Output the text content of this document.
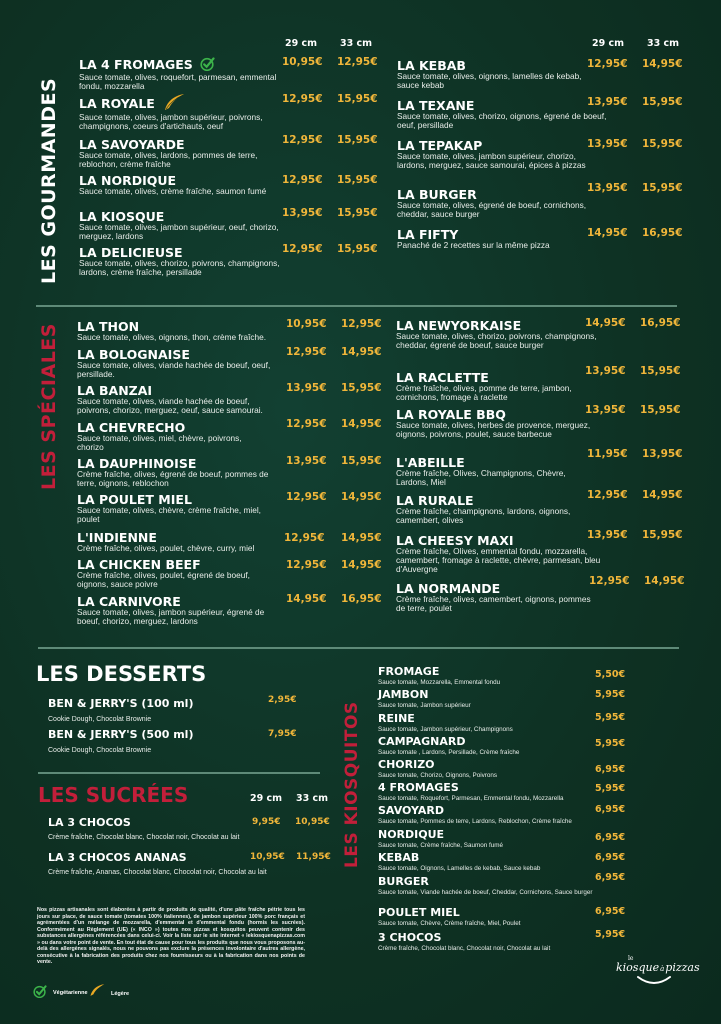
LES GOURMANDES
29 cm 33 cm	29 cm 33 cm
LA 4 FROMAGES
Sauce tomate, olives, roquefort, parmesan, emmental fondu, mozzarella
10,95€ 12,95€
LA ROYALE
Sauce tomate, olives, jambon supérieur, poivrons, champignons, coeurs d'artichauts, oeuf
12,95€ 15,95€
LA SAVOYARDE
Sauce tomate, olives, lardons, pommes de terre, reblochon, crème fraîche
12,95€ 15,95€
LA NORDIQUE
Sauce tomate, olives, crème fraîche, saumon fumé
12,95€ 15,95€
LA KIOSQUE
Sauce tomate, olives, jambon supérieur, oeuf, chorizo, merguez, lardons
13,95€ 15,95€
LA DELICIEUSE
Sauce tomate, olives, chorizo, poivrons, champignons, lardons, crème fraîche, persillade
12,95€ 15,95€
LA KEBAB
Sauce tomate, olives, oignons, lamelles de kebab, sauce kebab
12,95€ 14,95€
LA TEXANE
Sauce tomate, olives, chorizo, oignons, égrené de boeuf, oeuf, persillade
13,95€ 15,95€
LA TEPAKAP
Sauce tomate, olives, jambon supérieur, chorizo, lardons, merguez, sauce samourai, épices à pizzas
13,95€ 15,95€
LA BURGER
Sauce tomate, olives, égrené de boeuf, cornichons, cheddar, sauce burger
13,95€ 15,95€
LA FIFTY
Panaché de 2 recettes sur la même pizza
14,95€ 16,95€
LES SPÉCIALES LA THON
Sauce tomate, olives, oignons, thon, crème fraîche.
10,95€ 12,95€
LA BOLOGNAISE
Sauce tomate, olives, viande hachée de boeuf, oeuf, persillade.
12,95€ 14,95€
LA BANZAI
Sauce tomate, olives, viande hachée de boeuf, poivrons, chorizo, merguez, oeuf, sauce samourai.
13,95€ 15,95€
LA CHEVRECHO
Sauce tomate, olives, miel, chèvre, poivrons, chorizo
12,95€ 14,95€
LA DAUPHINOISE
Crème fraîche, olives, égrené de boeuf, pommes de terre, oignons, reblochon
13,95€ 15,95€
LA POULET MIEL
Sauce tomate, olives, chèvre, crème fraîche, miel, poulet
12,95€ 14,95€
L'INDIENNE
Crème fraîche, olives, poulet, chèvre, curry, miel
12,95€ 14,95€
LA CHICKEN BEEF
Crème fraîche, olives, poulet, égrené de boeuf, oignons, sauce poivre
12,95€ 14,95€
LA CARNIVORE
Sauce tomate, olives, jambon supérieur, égrené de boeuf, chorizo, merguez, lardons
14,95€ 16,95€
LA NEWYORKAISE
Sauce tomate, olives, chorizo, poivrons, champignons, cheddar, égrené de boeuf, sauce burger
14,95€ 16,95€
LA RACLETTE
Crème fraîche, olives, pomme de terre, jambon, cornichons, fromage à raclette
13,95€ 15,95€
LA ROYALE BBQ
Sauce tomate, olives, herbes de provence, merguez, oignons, poivrons, poulet, sauce barbecue
13,95€ 15,95€
L'ABEILLE
Crème fraîche, Olives, Champignons, Chèvre, Lardons, Miel
11,95€ 13,95€
LA RURALE
Crème fraîche, champignons, lardons, oignons, camembert, olives
12,95€ 14,95€
LA CHEESY MAXI
Crème fraîche, Olives, emmental fondu, mozzarella, camembert, fromage à raclette, chèvre, parmesan, bleu d'Auvergne
13,95€ 15,95€
LA NORMANDE
Crème fraîche, olives, camembert, oignons, pommes de terre, poulet
12,95€ 14,95€
LES DESSERTS
BEN & JERRY'S (100 ml)
Cookie Dough, Chocolat Brownie
2,95€
BEN & JERRY'S (500 ml)
Cookie Dough, Chocolat Brownie
7,95€
LES SUCRÉES	29 cm 33 cm
LA 3 CHOCOS
Crème fraîche, Chocolat blanc, Chocolat noir, Chocolat au lait
9,95€ 10,95€
LA 3 CHOCOS ANANAS
Crème fraîche, Ananas, Chocolat blanc, Chocolat noir, Chocolat au lait
10,95€ 11,95€
Nos pizzas artisanales sont élaborées à partir de produits de qualité, d'une pâte fraîche pétrie tous les jours sur place, de sauce tomate (tomates 100% italiennes), de jambon supérieur 100% porc français et agrémentées d'un mélange de mozzarella, d'emmental et d'emmental fondu (hormis les sucrées). Conformément au Règlement (UE) (« INCO ») toutes nos pizzas et kosquitos peuvent contenir des substances allergènes référencées dans celui-ci. Voir la liste sur le site internet « lekiosquenapizzas.com » ou dans votre point de vente. En tout état de cause pour tous les produits que nous vous proposons au-delà des allergènes signalés, nous ne pouvons pas exclure la présences involontaire d'autres allergène, consécutive à la fabrication des produits chez nos fournisseurs ou à la fabrication dans nos points de vente.
Végétarienne	Légère
LES KIOSQUITOS
FROMAGE
Sauce tomate, Mozzarella, Emmental fondu
5,50€
JAMBON
Sauce tomate, Jambon supérieur
5,95€
REINE
Sauce tomate, Jambon supérieur, Champignons
5,95€
CAMPAGNARD
Sauce tomate , Lardons, Persillade, Crème fraîche
5,95€
CHORIZO
Sauce tomate, Chorizo, Oignons, Poivrons
6,95€
4 FROMAGES
Sauce tomate, Roquefort, Parmesan, Emmental fondu, Mozzarella
5,95€
SAVOYARD
Sauce tomate, Pommes de terre, Lardons, Reblochon, Crème fraîche
6,95€
NORDIQUE
Sauce tomate, Crème fraîche, Saumon fumé
6,95€
KEBAB
Sauce tomate, Oignons, Lamelles de kebab, Sauce kebab
6,95€
BURGER
Sauce tomate, Viande hachée de boeuf, Cheddar, Cornichons, Sauce burger
6,95€
POULET MIEL
Sauce tomate, Chèvre, Crème fraîche, Miel, Poulet
6,95€
3 CHOCOS
Crème fraîche, Chocolat blanc, Chocolat noir, Chocolat au lait
5,95€
le
kiosqueàpizzas
